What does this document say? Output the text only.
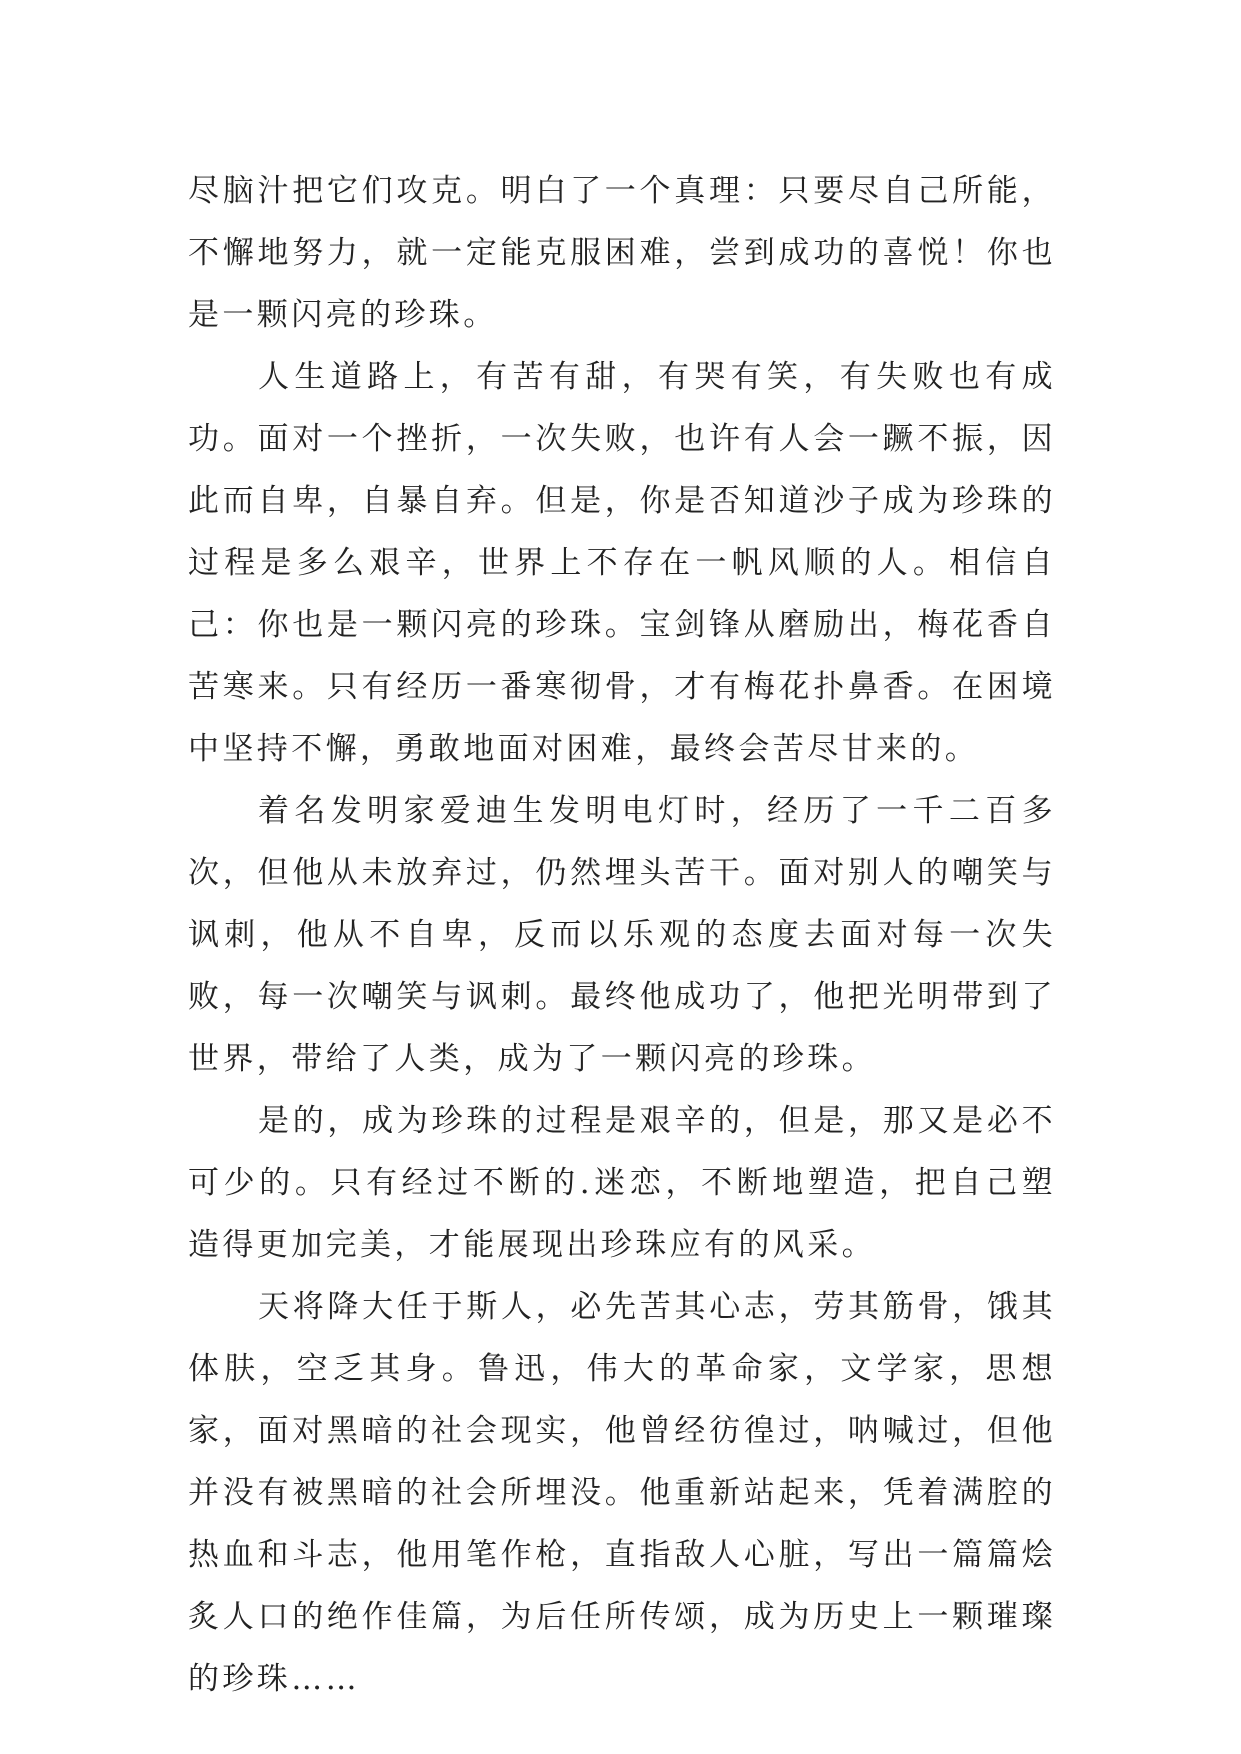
尽脑汁把它们攻克。明白了一个真理：只要尽自己所能，不懈地努力，就一定能克服困难，尝到成功的喜悦！你也是一颗闪亮的珍珠。

人生道路上，有苦有甜，有哭有笑，有失败也有成功。面对一个挫折，一次失败，也许有人会一蹶不振，因此而自卑，自暴自弃。但是，你是否知道沙子成为珍珠的过程是多么艰辛，世界上不存在一帆风顺的人。相信自己：你也是一颗闪亮的珍珠。宝剑锋从磨励出，梅花香自苦寒来。只有经历一番寒彻骨，才有梅花扑鼻香。在困境中坚持不懈，勇敢地面对困难，最终会苦尽甘来的。

着名发明家爱迪生发明电灯时，经历了一千二百多次，但他从未放弃过，仍然埋头苦干。面对别人的嘲笑与讽刺，他从不自卑，反而以乐观的态度去面对每一次失败，每一次嘲笑与讽刺。最终他成功了，他把光明带到了世界，带给了人类，成为了一颗闪亮的珍珠。

是的，成为珍珠的过程是艰辛的，但是，那又是必不可少的。只有经过不断的.迷恋，不断地塑造，把自己塑造得更加完美，才能展现出珍珠应有的风采。

天将降大任于斯人，必先苦其心志，劳其筋骨，饿其体肤，空乏其身。鲁迅，伟大的革命家，文学家，思想家，面对黑暗的社会现实，他曾经彷徨过，呐喊过，但他并没有被黑暗的社会所埋没。他重新站起来，凭着满腔的热血和斗志，他用笔作枪，直指敌人心脏，写出一篇篇烩炙人口的绝作佳篇，为后任所传颂，成为历史上一颗璀璨的珍珠……
